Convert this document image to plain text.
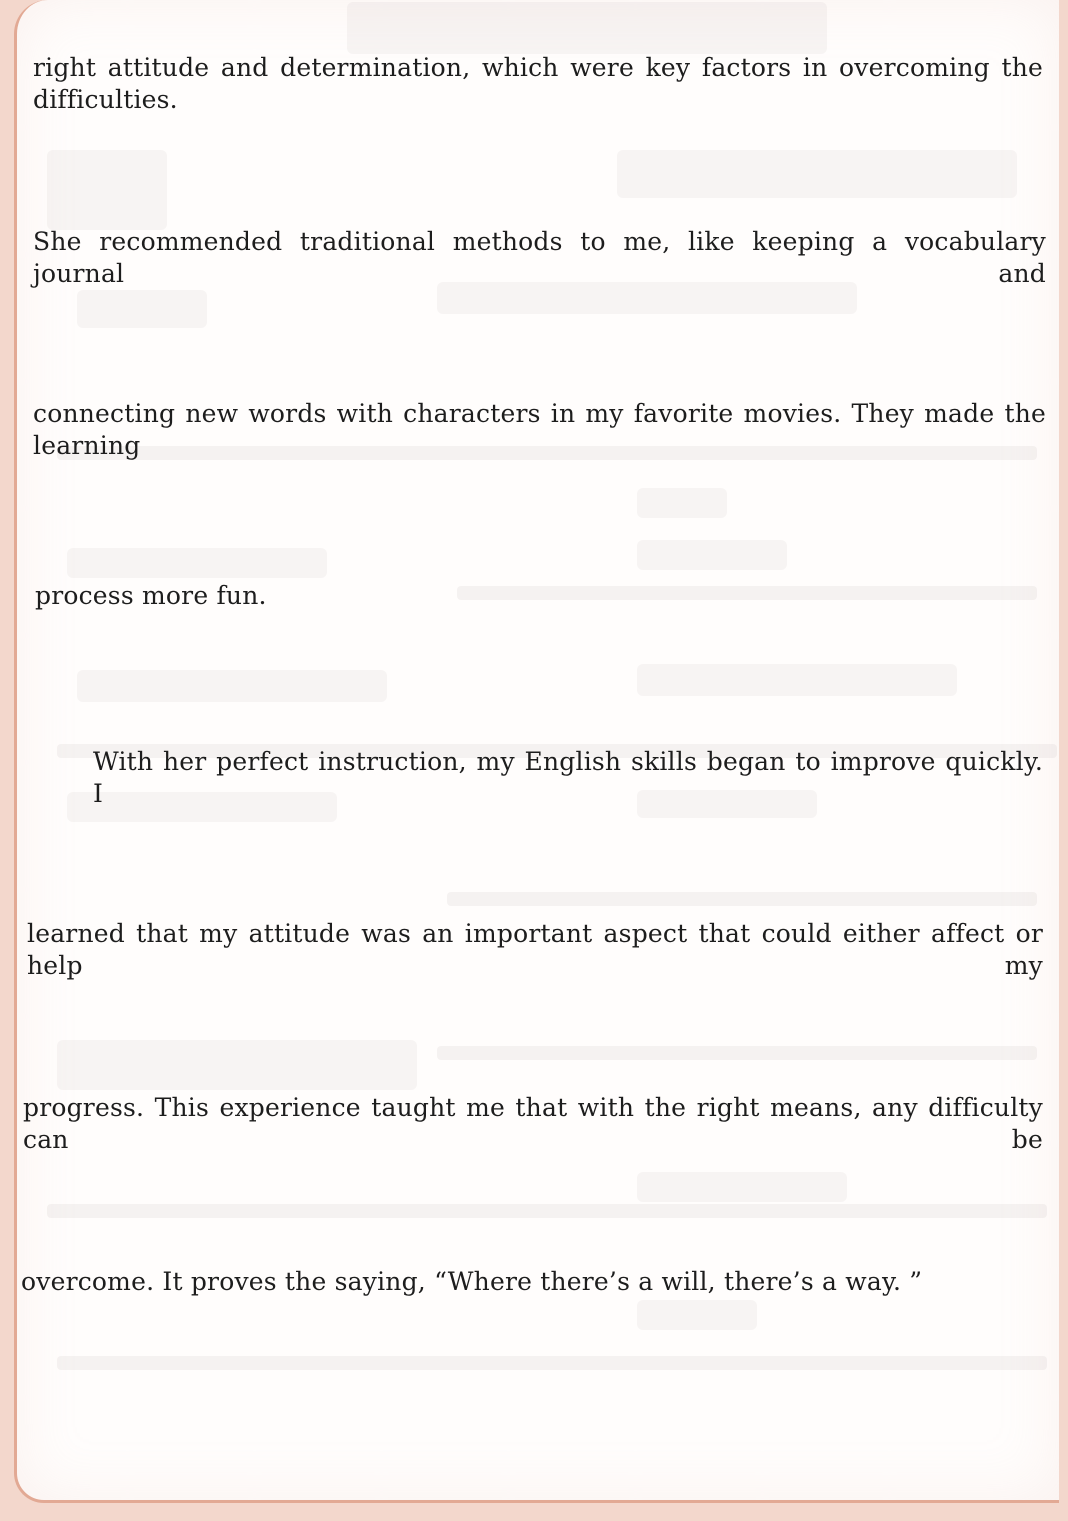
right attitude and determination, which were key factors in overcoming the difficulties.

She recommended traditional methods to me, like keeping a vocabulary journal and

connecting new words with characters in my favorite movies. They made the learning

process more fun.

With her perfect instruction, my English skills began to improve quickly. I

learned that my attitude was an important aspect that could either affect or help my

progress. This experience taught me that with the right means, any difficulty can be

overcome. It proves the saying, “Where there’s a will, there’s a way. ”
